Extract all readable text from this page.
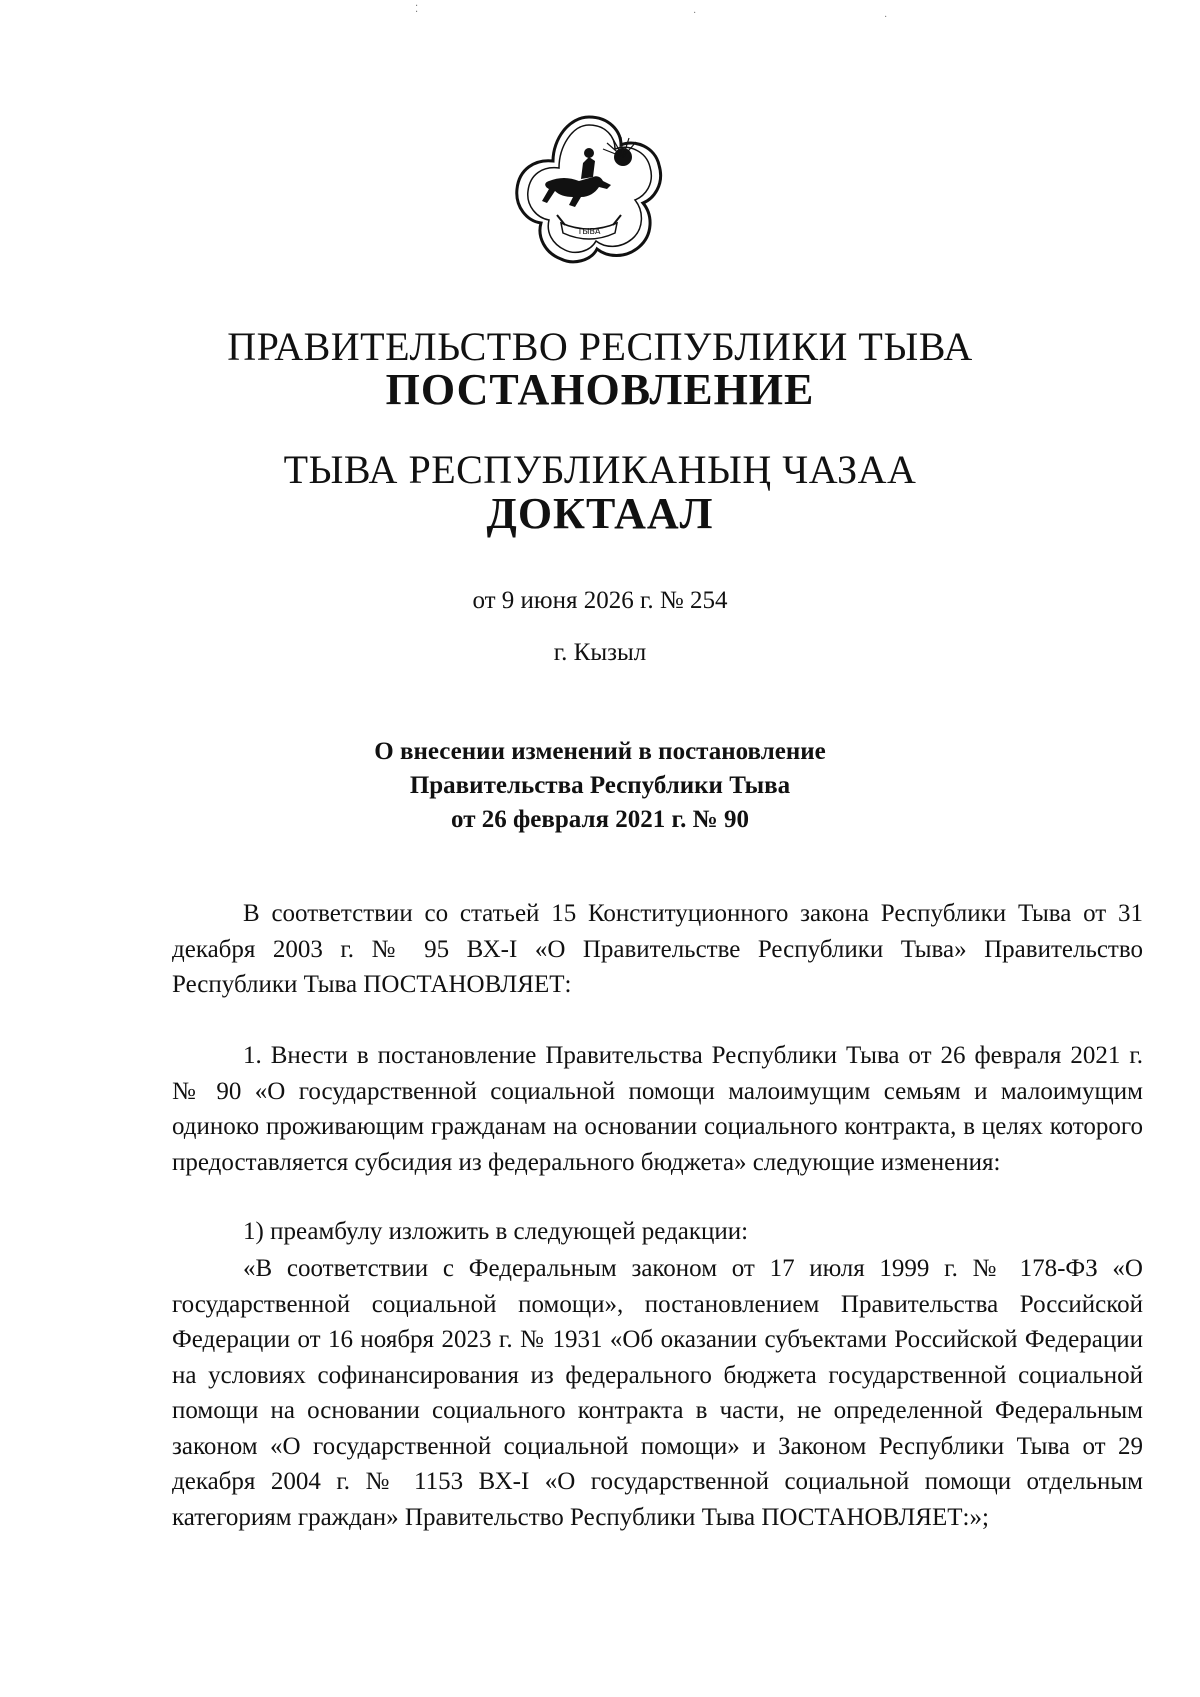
⁚	·	·
ТЫВА
ПРАВИТЕЛЬСТВО РЕСПУБЛИКИ ТЫВА
ПОСТАНОВЛЕНИЕ
ТЫВА РЕСПУБЛИКАНЫҢ ЧАЗАА
ДОКТААЛ
от 9 июня 2026 г. № 254
г. Кызыл
О внесении изменений в постановление
Правительства Республики Тыва
от 26 февраля 2021 г. № 90

В соответствии со статьей 15 Конституционного закона Республики Тыва от 31 декабря 2003 г. № 95 ВХ-I «О Правительстве Республики Тыва» Правительство Республики Тыва ПОСТАНОВЛЯЕТ:

1. Внести в постановление Правительства Республики Тыва от 26 февраля 2021 г. № 90 «О государственной социальной помощи малоимущим семьям и малоимущим одиноко проживающим гражданам на основании социального контракта, в целях которого предоставляется субсидия из федерального бюджета» следующие изменения:

1) преамбулу изложить в следующей редакции:

«В соответствии с Федеральным законом от 17 июля 1999 г. № 178-ФЗ «О государственной социальной помощи», постановлением Правительства Российской Федерации от 16 ноября 2023 г. № 1931 «Об оказании субъектами Российской Федерации на условиях софинансирования из федерального бюджета государственной социальной помощи на основании социального контракта в части, не определенной Федеральным законом «О государственной социальной помощи» и Законом Республики Тыва от 29 декабря 2004 г. № 1153 ВХ-I «О государственной социальной помощи отдельным категориям граждан» Правительство Республики Тыва ПОСТАНОВЛЯЕТ:»;
